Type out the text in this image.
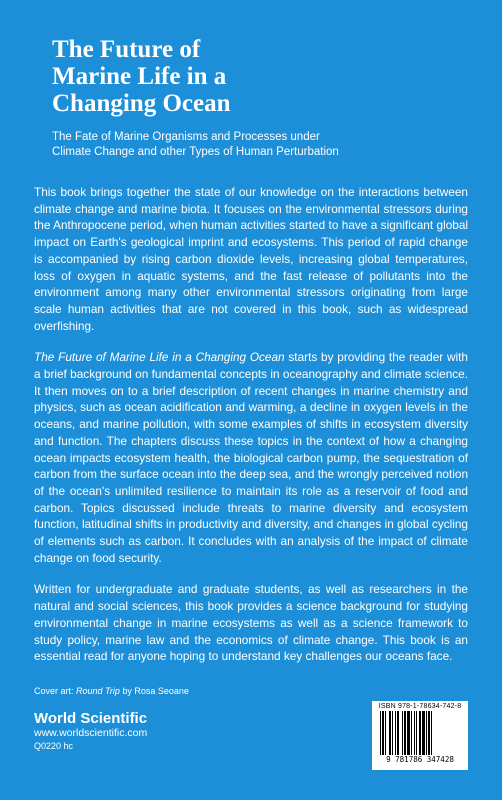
The Future of
Marine Life in a
Changing Ocean
The Fate of Marine Organisms and Processes under
Climate Change and other Types of Human Perturbation

This book brings together the state of our knowledge on the interactions between climate change and marine biota. It focuses on the environmental stressors during the Anthropocene period, when human activities started to have a significant global impact on Earth's geological imprint and ecosystems. This period of rapid change is accompanied by rising carbon dioxide levels, increasing global temperatures, loss of oxygen in aquatic systems, and the fast release of pollutants into the environment among many other environmental stressors originating from large scale human activities that are not covered in this book, such as widespread overfishing.

The Future of Marine Life in a Changing Ocean starts by providing the reader with a brief background on fundamental concepts in oceanography and climate science. It then moves on to a brief description of recent changes in marine chemistry and physics, such as ocean acidification and warming, a decline in oxygen levels in the oceans, and marine pollution, with some examples of shifts in ecosystem diversity and function. The chapters discuss these topics in the context of how a changing ocean impacts ecosystem health, the biological carbon pump, the sequestration of carbon from the surface ocean into the deep sea, and the wrongly perceived notion of the ocean's unlimited resilience to maintain its role as a reservoir of food and carbon. Topics discussed include threats to marine diversity and ecosystem function, latitudinal shifts in productivity and diversity, and changes in global cycling of elements such as carbon. It concludes with an analysis of the impact of climate change on food security.

Written for undergraduate and graduate students, as well as researchers in the natural and social sciences, this book provides a science background for studying environmental change in marine ecosystems as well as a science framework to study policy, marine law and the economics of climate change. This book is an essential read for anyone hoping to understand key challenges our oceans face.

Cover art: Round Trip by Rosa Seoane
World Scientific
www.worldscientific.com
Q0220 hc
ISBN 978-1-78634-742-8
9 781786 347428
